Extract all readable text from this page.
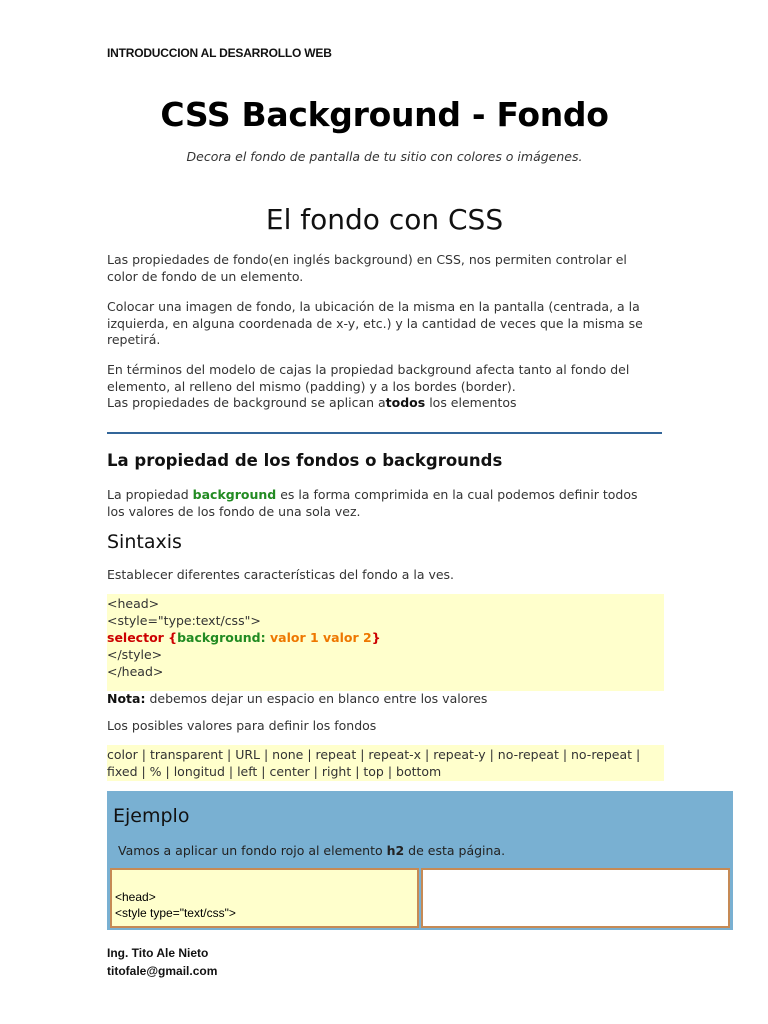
INTRODUCCION AL DESARROLLO WEB
CSS Background - Fondo
Decora el fondo de pantalla de tu sitio con colores o imágenes.
El fondo con CSS
Las propiedades de fondo(en inglés background) en CSS, nos permiten controlar el color de fondo de un elemento.
Colocar una imagen de fondo, la ubicación de la misma en la pantalla (centrada, a la izquierda, en alguna coordenada de x-y, etc.) y la cantidad de veces que la misma se repetirá.
En términos del modelo de cajas la propiedad background afecta tanto al fondo del elemento, al relleno del mismo (padding) y a los bordes (border).
Las propiedades de background se aplican atodos los elementos
La propiedad de los fondos o backgrounds
La propiedad background es la forma comprimida en la cual podemos definir todos los valores de los fondo de una sola vez.
Sintaxis
Establecer diferentes características del fondo a la ves.
Nota: debemos dejar un espacio en blanco entre los valores
Los posibles valores para definir los fondos
<head>
<style="type:text/css">
selector {background: valor 1 valor 2}
</style>
</head>
color | transparent | URL | none | repeat | repeat-x | repeat-y | no-repeat | no-repeat | fixed | % | longitud | left | center | right | top | bottom
Ejemplo
Vamos a aplicar un fondo rojo al elemento h2 de esta página.
<head>
<style type="text/css">
Ing. Tito Ale Nieto
titofale@gmail.com
